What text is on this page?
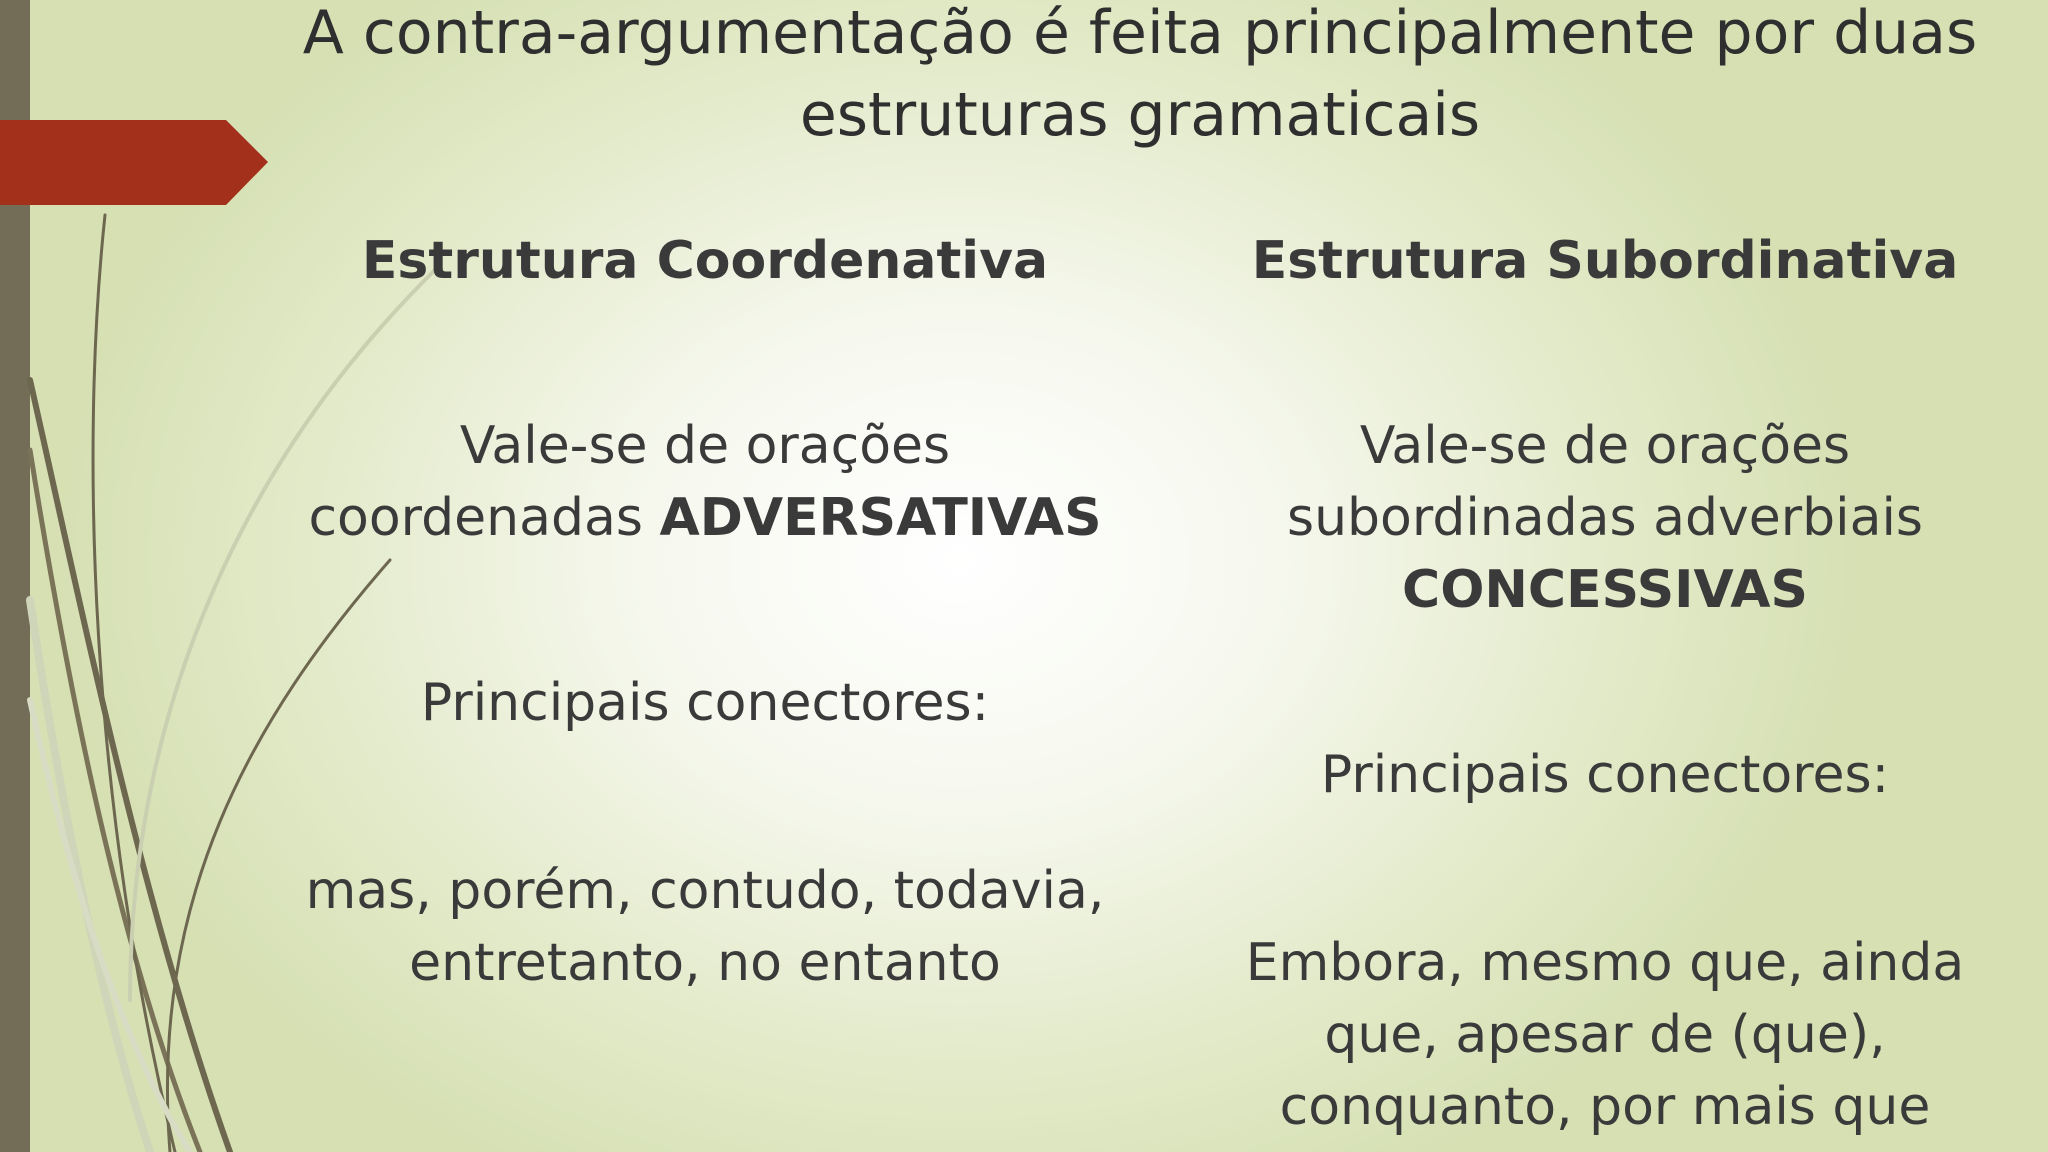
A contra-argumentação é feita principalmente por duas estruturas gramaticais
Estrutura Coordenativa
Vale-se de orações coordenadas ADVERSATIVAS
Principais conectores:
mas, porém, contudo, todavia, entretanto, no entanto
Estrutura Subordinativa
Vale-se de orações subordinadas adverbiais CONCESSIVAS
Principais conectores:
Embora, mesmo que, ainda que, apesar de (que), conquanto, por mais que
